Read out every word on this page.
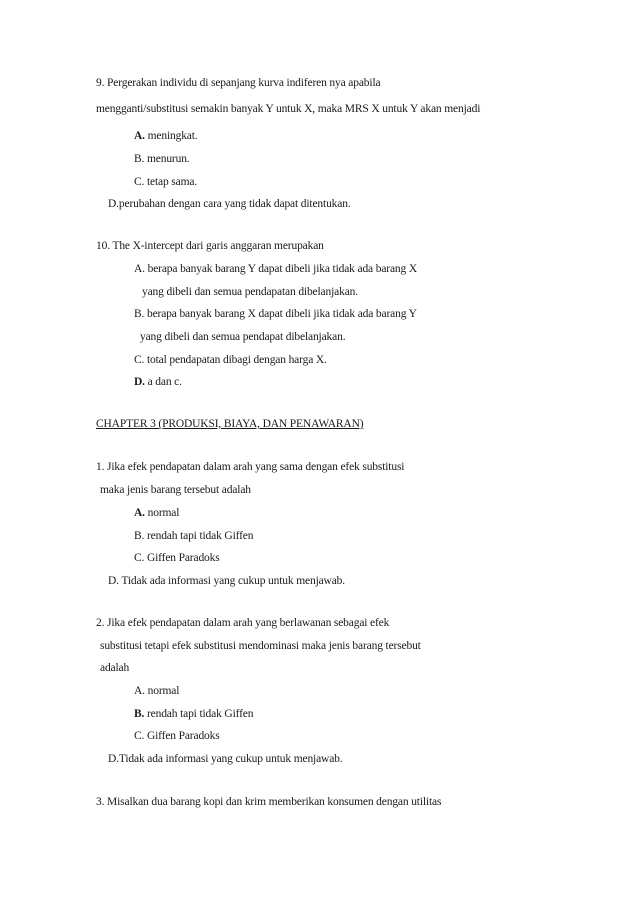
9. Pergerakan individu di sepanjang kurva indiferen nya apabila
mengganti/substitusi semakin banyak Y untuk X, maka MRS X untuk Y akan menjadi
A. meningkat.
B. menurun.
C. tetap sama.
D.perubahan dengan cara yang tidak dapat ditentukan.
10. The X-intercept dari garis anggaran merupakan
A. berapa banyak barang Y dapat dibeli jika tidak ada barang X
yang dibeli dan semua pendapatan dibelanjakan.
B. berapa banyak barang X dapat dibeli jika tidak ada barang Y
yang dibeli dan semua pendapat dibelanjakan.
C. total pendapatan dibagi dengan harga X.
D. a dan c.
CHAPTER 3 (PRODUKSI, BIAYA, DAN PENAWARAN)
1. Jika efek pendapatan dalam arah yang sama dengan efek substitusi
maka jenis barang tersebut adalah
A. normal
B. rendah tapi tidak Giffen
C. Giffen Paradoks
D. Tidak ada informasi yang cukup untuk menjawab.
2. Jika efek pendapatan dalam arah yang berlawanan sebagai efek
substitusi tetapi efek substitusi mendominasi maka jenis barang tersebut
adalah
A. normal
B. rendah tapi tidak Giffen
C. Giffen Paradoks
D.Tidak ada informasi yang cukup untuk menjawab.
3. Misalkan dua barang kopi dan krim memberikan konsumen dengan utilitas
